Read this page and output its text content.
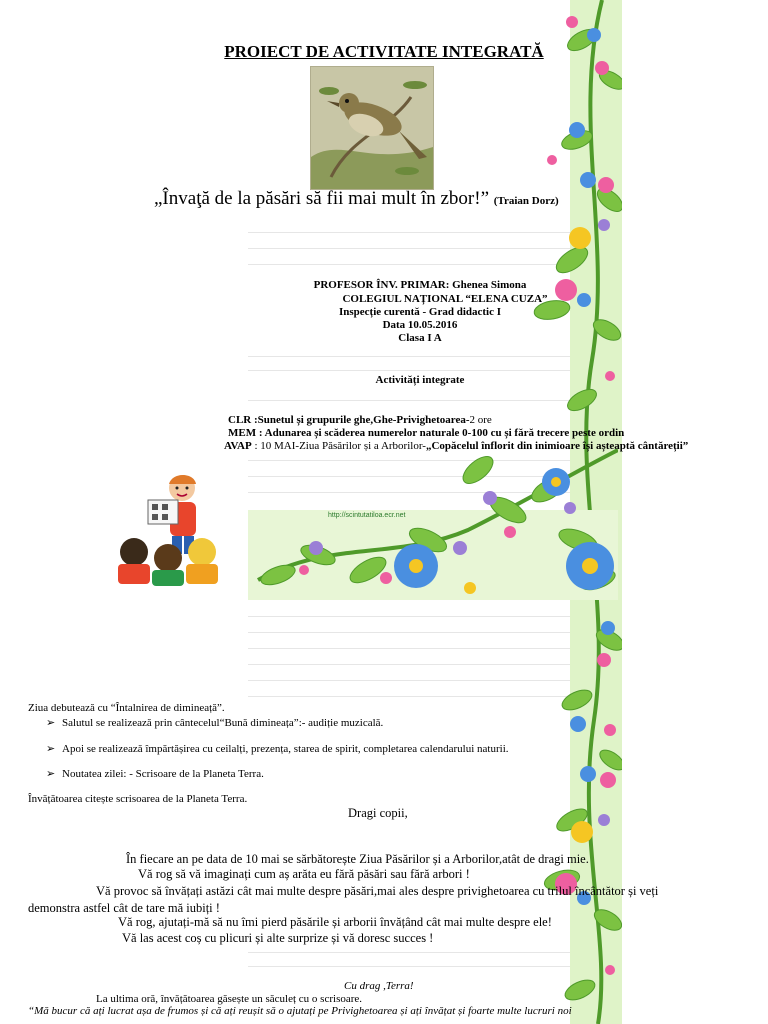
PROIECT DE ACTIVITATE INTEGRATĂ
„Învaţă de la păsări să fii mai mult în zbor!” (Traian Dorz)
PROFESOR ÎNV. PRIMAR: Ghenea Simona
COLEGIUL NAȚIONAL “ELENA CUZA”
Inspecție curentă - Grad didactic I
Data 10.05.2016
Clasa I A
Activități integrate
CLR :Sunetul și grupurile ghe,Ghe-Privighetoarea-2 ore
MEM : Adunarea și scăderea numerelor naturale 0-100 cu și fără trecere peste ordin
AVAP : 10 MAI-Ziua Păsărilor și a Arborilor-„Copăcelul înflorit din inimioare își așteaptă cântăreții”
http://scintutatiloa.ecr.net
Ziua debutează cu “Întalnirea de dimineață”.
➢ Salutul se realizează prin cântecelul“Bună dimineața”:- audiție muzicală.
➢ Apoi se realizează împărtășirea cu ceilalți, prezența, starea de spirit, completarea calendarului naturii.
➢ Noutatea zilei: - Scrisoare de la Planeta Terra.
Învățătoarea citește scrisoarea de la Planeta Terra.
Dragi copii,
În fiecare an pe data de 10 mai se sărbătorește Ziua Păsărilor și a Arborilor,atât de dragi mie.
Vă rog să vă imaginați cum aș arăta eu fără păsări sau fără arbori !
Vă provoc să învățați astăzi cât mai multe despre păsări,mai ales despre privighetoarea cu trilul încântător și veți
demonstra astfel cât de tare mă iubiți !
Vă rog, ajutați-mă să nu îmi pierd păsările și arborii învățând cât mai multe despre ele!
Vă las acest coș cu plicuri și alte surprize și vă doresc succes !
Cu drag ,Terra!
La ultima oră, învățătoarea găsește un săculeț cu o scrisoare.
“Mă bucur că ați lucrat așa de frumos și că ați reușit să o ajutați pe Privighetoarea și ați învățat și foarte multe lucruri noi
